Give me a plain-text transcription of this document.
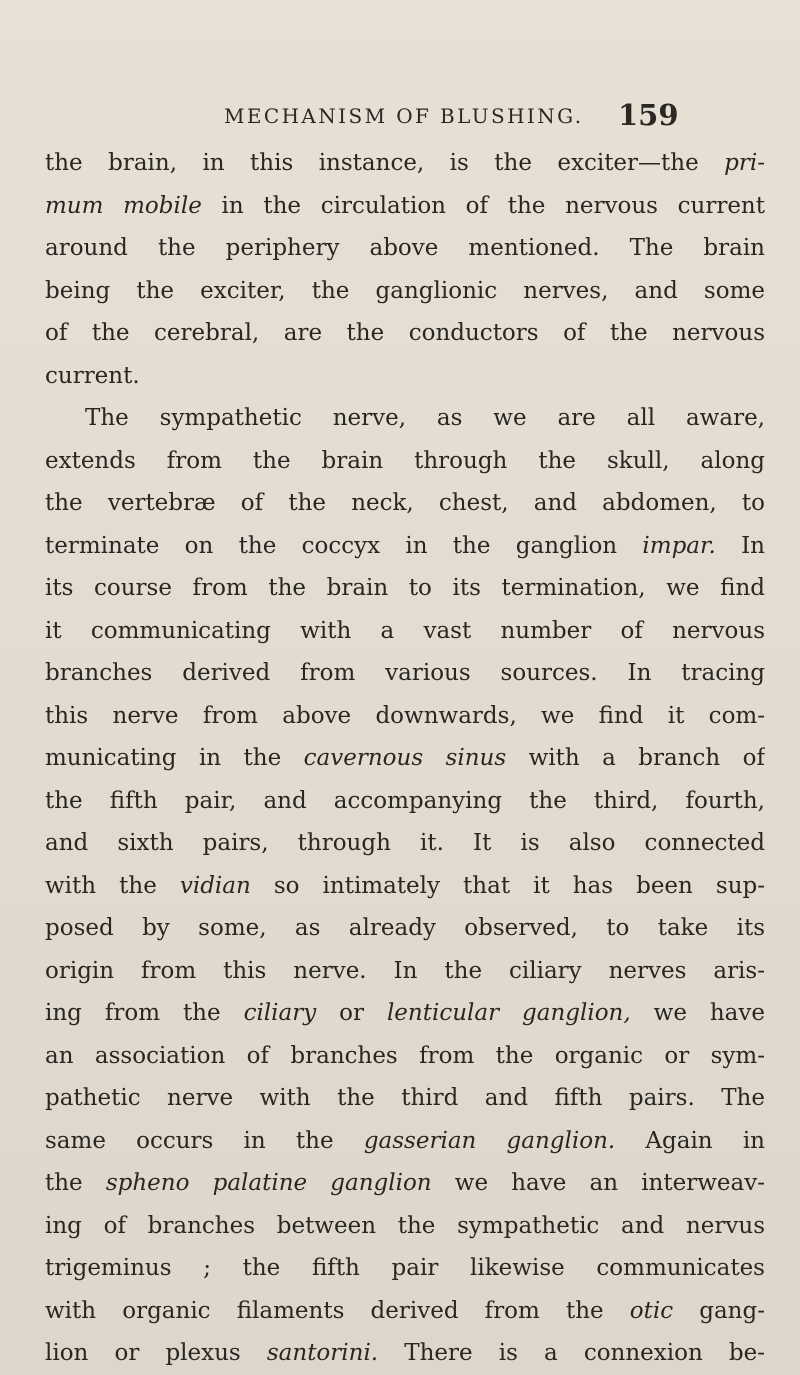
MECHANISM OF BLUSHING. 159
the brain, in this instance, is the exciter—the pri-
mum mobile in the circulation of the nervous current
around the periphery above mentioned. The brain
being the exciter, the ganglionic nerves, and some
of the cerebral, are the conductors of the nervous
current.
The sympathetic nerve, as we are all aware,
extends from the brain through the skull, along
the vertebræ of the neck, chest, and abdomen, to
terminate on the coccyx in the ganglion impar. In
its course from the brain to its termination, we find
it communicating with a vast number of nervous
branches derived from various sources. In tracing
this nerve from above downwards, we find it com-
municating in the cavernous sinus with a branch of
the fifth pair, and accompanying the third, fourth,
and sixth pairs, through it. It is also connected
with the vidian so intimately that it has been sup-
posed by some, as already observed, to take its
origin from this nerve. In the ciliary nerves aris-
ing from the ciliary or lenticular ganglion, we have
an association of branches from the organic or sym-
pathetic nerve with the third and fifth pairs. The
same occurs in the gasserian ganglion. Again in
the spheno palatine ganglion we have an interweav-
ing of branches between the sympathetic and nervus
trigeminus ; the fifth pair likewise communicates
with organic filaments derived from the otic gang-
lion or plexus santorini. There is a connexion be-
